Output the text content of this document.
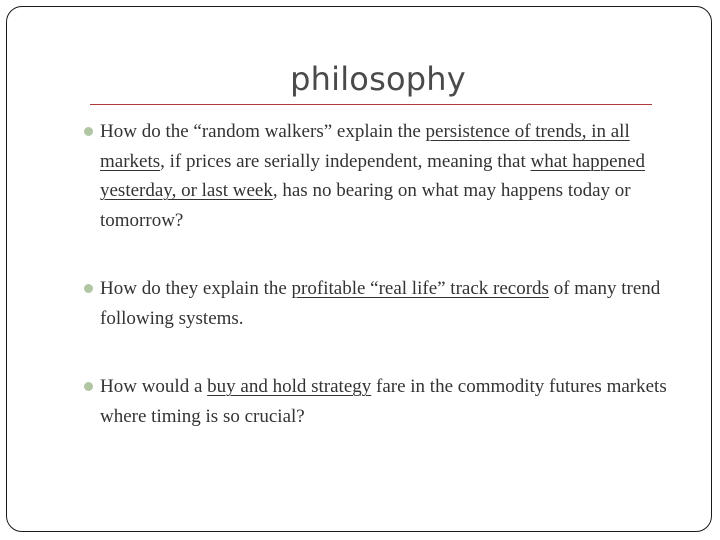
philosophy

How do the “random walkers” explain the persistence of trends, in all markets, if prices are serially independent, meaning that what happened yesterday, or last week, has no bearing on what may happens today or tomorrow?

How do they explain the profitable “real life” track records of many trend following systems.

How would a buy and hold strategy fare in the commodity futures markets where timing is so crucial?
